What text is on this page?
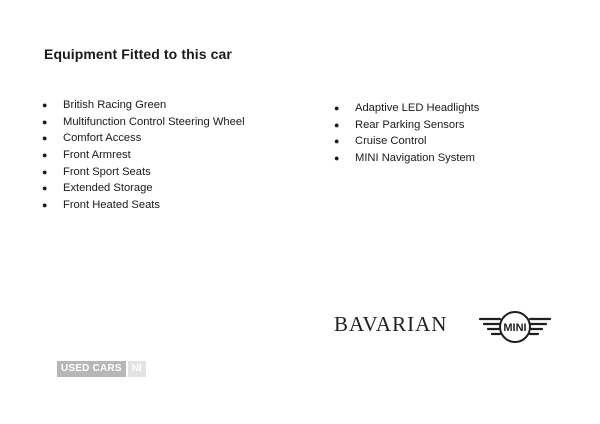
Equipment Fitted to this car
● British Racing Green
● Multifunction Control Steering Wheel
● Comfort Access
● Front Armrest
● Front Sport Seats
● Extended Storage
● Front Heated Seats
● Adaptive LED Headlights
● Rear Parking Sensors
● Cruise Control
● MINI Navigation System
BAVARIAN	MINI
USED CARS	NI
